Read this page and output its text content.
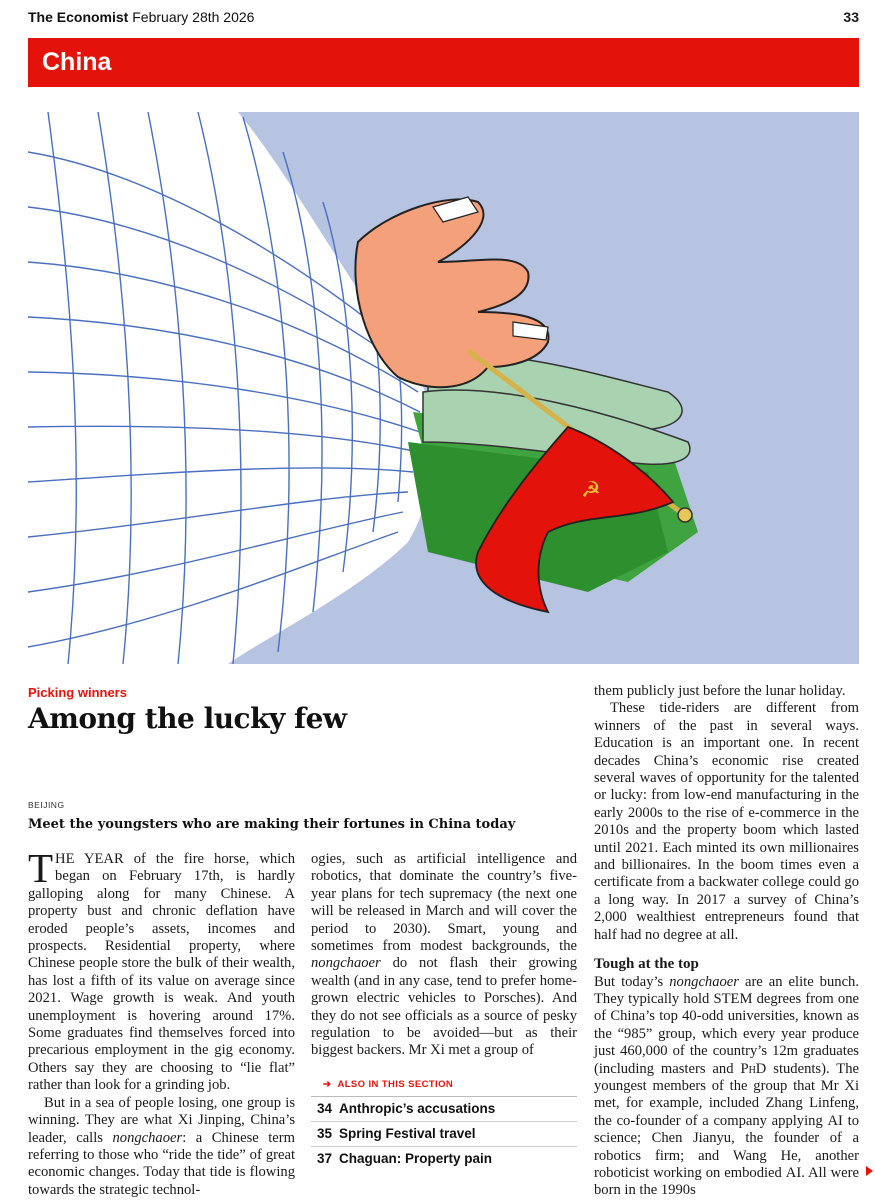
The Economist February 28th 2026	33
China
☭
Picking winners
Among the lucky few
BEIJING
Meet the youngsters who are making their fortunes in China today

THE YEAR of the fire horse, which began on February 17th, is hardly galloping along for many Chinese. A property bust and chronic deflation have eroded people’s assets, incomes and prospects. Residential property, where Chinese people store the bulk of their wealth, has lost a fifth of its value on average since 2021. Wage growth is weak. And youth unemployment is hovering around 17%. Some graduates find themselves forced into precarious employment in the gig economy. Others say they are choosing to “lie flat” rather than look for a grinding job.

But in a sea of people losing, one group is winning. They are what Xi Jinping, China’s leader, calls nongchaoer: a Chinese term referring to those who “ride the tide” of great economic changes. Today that tide is flowing towards the strategic technol-

ogies, such as artificial intelligence and robotics, that dominate the country’s five-year plans for tech supremacy (the next one will be released in March and will cover the period to 2030). Smart, young and sometimes from modest backgrounds, the nongchaoer do not flash their growing wealth (and in any case, tend to prefer home-grown electric vehicles to Porsches). And they do not see officials as a source of pesky regulation to be avoided—but as their biggest backers. Mr Xi met a group of

➔  ALSO IN THIS SECTION
34 Anthropic’s accusations
35 Spring Festival travel
37 Chaguan: Property pain

them publicly just before the lunar holiday.

These tide-riders are different from winners of the past in several ways. Education is an important one. In recent decades China’s economic rise created several waves of opportunity for the talented or lucky: from low-end manufacturing in the early 2000s to the rise of e-commerce in the 2010s and the property boom which lasted until 2021. Each minted its own millionaires and billionaires. In the boom times even a certificate from a backwater college could go a long way. In 2017 a survey of China’s 2,000 wealthiest entrepreneurs found that half had no degree at all.

Tough at the top

But today’s nongchaoer are an elite bunch. They typically hold STEM degrees from one of China’s top 40-odd universities, known as the “985” group, which every year produce just 460,000 of the country’s 12m graduates (including masters and PhD students). The youngest members of the group that Mr Xi met, for example, included Zhang Linfeng, the co-founder of a company applying AI to science; Chen Jianyu, the founder of a robotics firm; and Wang He, another roboticist working on embodied AI. All were born in the 1990s
